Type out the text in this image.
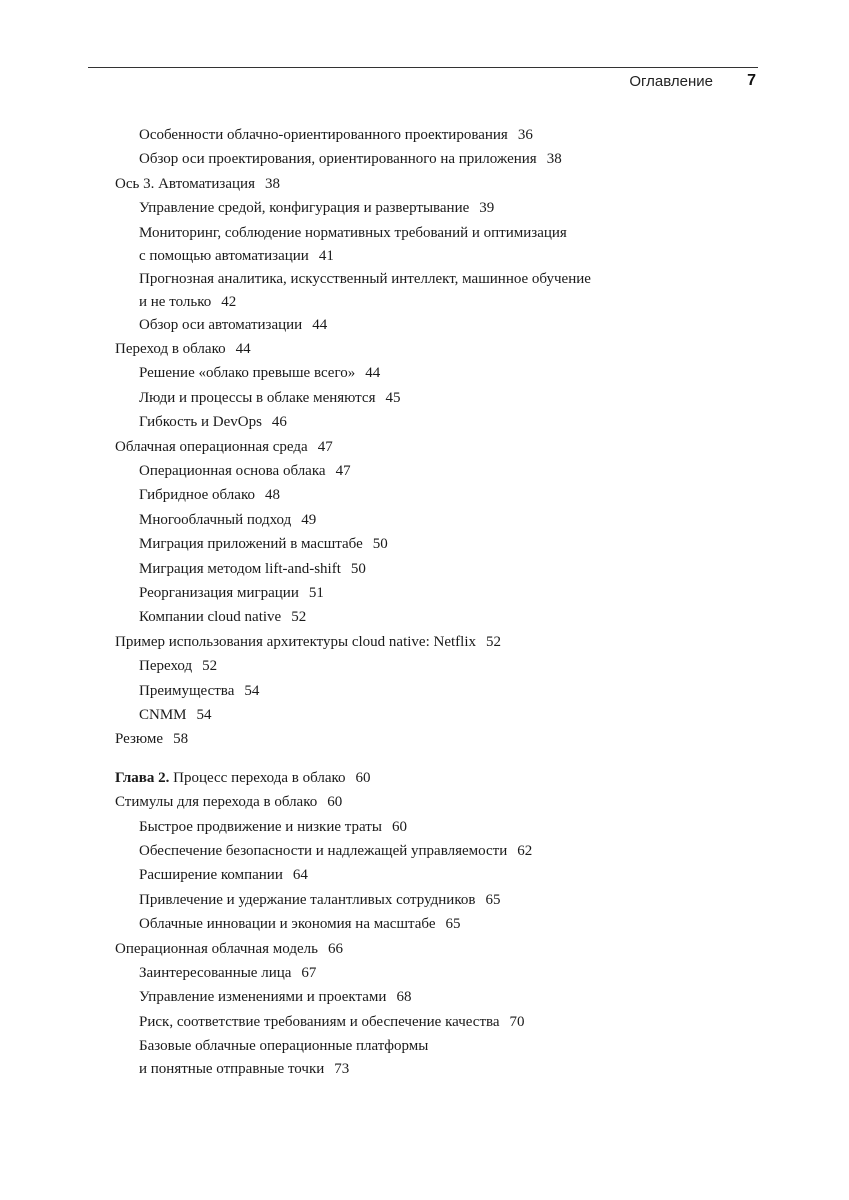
Оглавление	7
Особенности облачно-ориентированного проектирования 36
Обзор оси проектирования, ориентированного на приложения 38
Ось 3. Автоматизация 38
Управление средой, конфигурация и развертывание 39
Мониторинг, соблюдение нормативных требований и оптимизация
с помощью автоматизации 41
Прогнозная аналитика, искусственный интеллект, машинное обучение
и не только 42
Обзор оси автоматизации 44
Переход в облако 44
Решение «облако превыше всего» 44
Люди и процессы в облаке меняются 45
Гибкость и DevOps 46
Облачная операционная среда 47
Операционная основа облака 47
Гибридное облако 48
Многооблачный подход 49
Миграция приложений в масштабе 50
Миграция методом lift-and-shift 50
Реорганизация миграции 51
Компании cloud native 52
Пример использования архитектуры cloud native: Netflix 52
Переход 52
Преимущества 54
CNMM 54
Резюме 58
Глава 2.
Процесс перехода в облако 60
Стимулы для перехода в облако 60
Быстрое продвижение и низкие траты 60
Обеспечение безопасности и надлежащей управляемости 62
Расширение компании 64
Привлечение и удержание талантливых сотрудников 65
Облачные инновации и экономия на масштабе 65
Операционная облачная модель 66
Заинтересованные лица 67
Управление изменениями и проектами 68
Риск, соответствие требованиям и обеспечение качества 70
Базовые облачные операционные платформы
и понятные отправные точки 73
